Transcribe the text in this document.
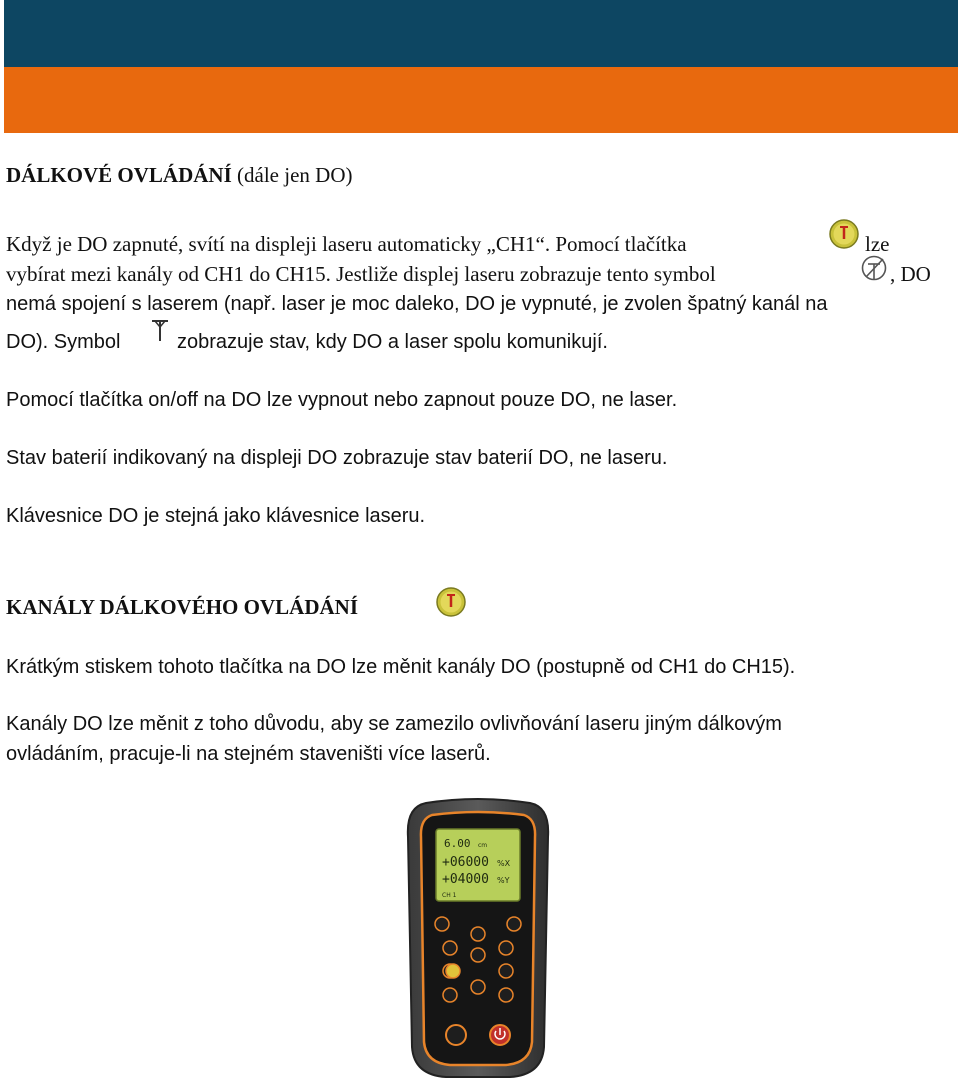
DÁLKOVÉ OVLÁDÁNÍ (dále jen DO)
Když je DO zapnuté, svítí na displeji laseru automaticky „CH1“. Pomocí tlačítka	lze
vybírat mezi kanály od CH1 do CH15. Jestliže displej laseru zobrazuje tento symbol	, DO
nemá spojení s laserem (např. laser je moc daleko, DO je vypnuté, je zvolen špatný kanál na
DO). Symbol	zobrazuje stav, kdy DO a laser spolu komunikují.
Pomocí tlačítka on/off na DO lze vypnout nebo zapnout pouze DO, ne laser.
Stav baterií indikovaný na displeji DO zobrazuje stav baterií DO, ne laseru.
Klávesnice DO je stejná jako klávesnice laseru.
KANÁLY DÁLKOVÉHO OVLÁDÁNÍ
Krátkým stiskem tohoto tlačítka na DO lze měnit kanály DO (postupně od CH1 do CH15).
Kanály DO lze měnit z toho důvodu, aby se zamezilo ovlivňování laseru jiným dálkovým
ovládáním, pracuje-li na stejném staveništi více laserů.
6.00 cm
+06000 %X
+04000 %Y
CH 1
